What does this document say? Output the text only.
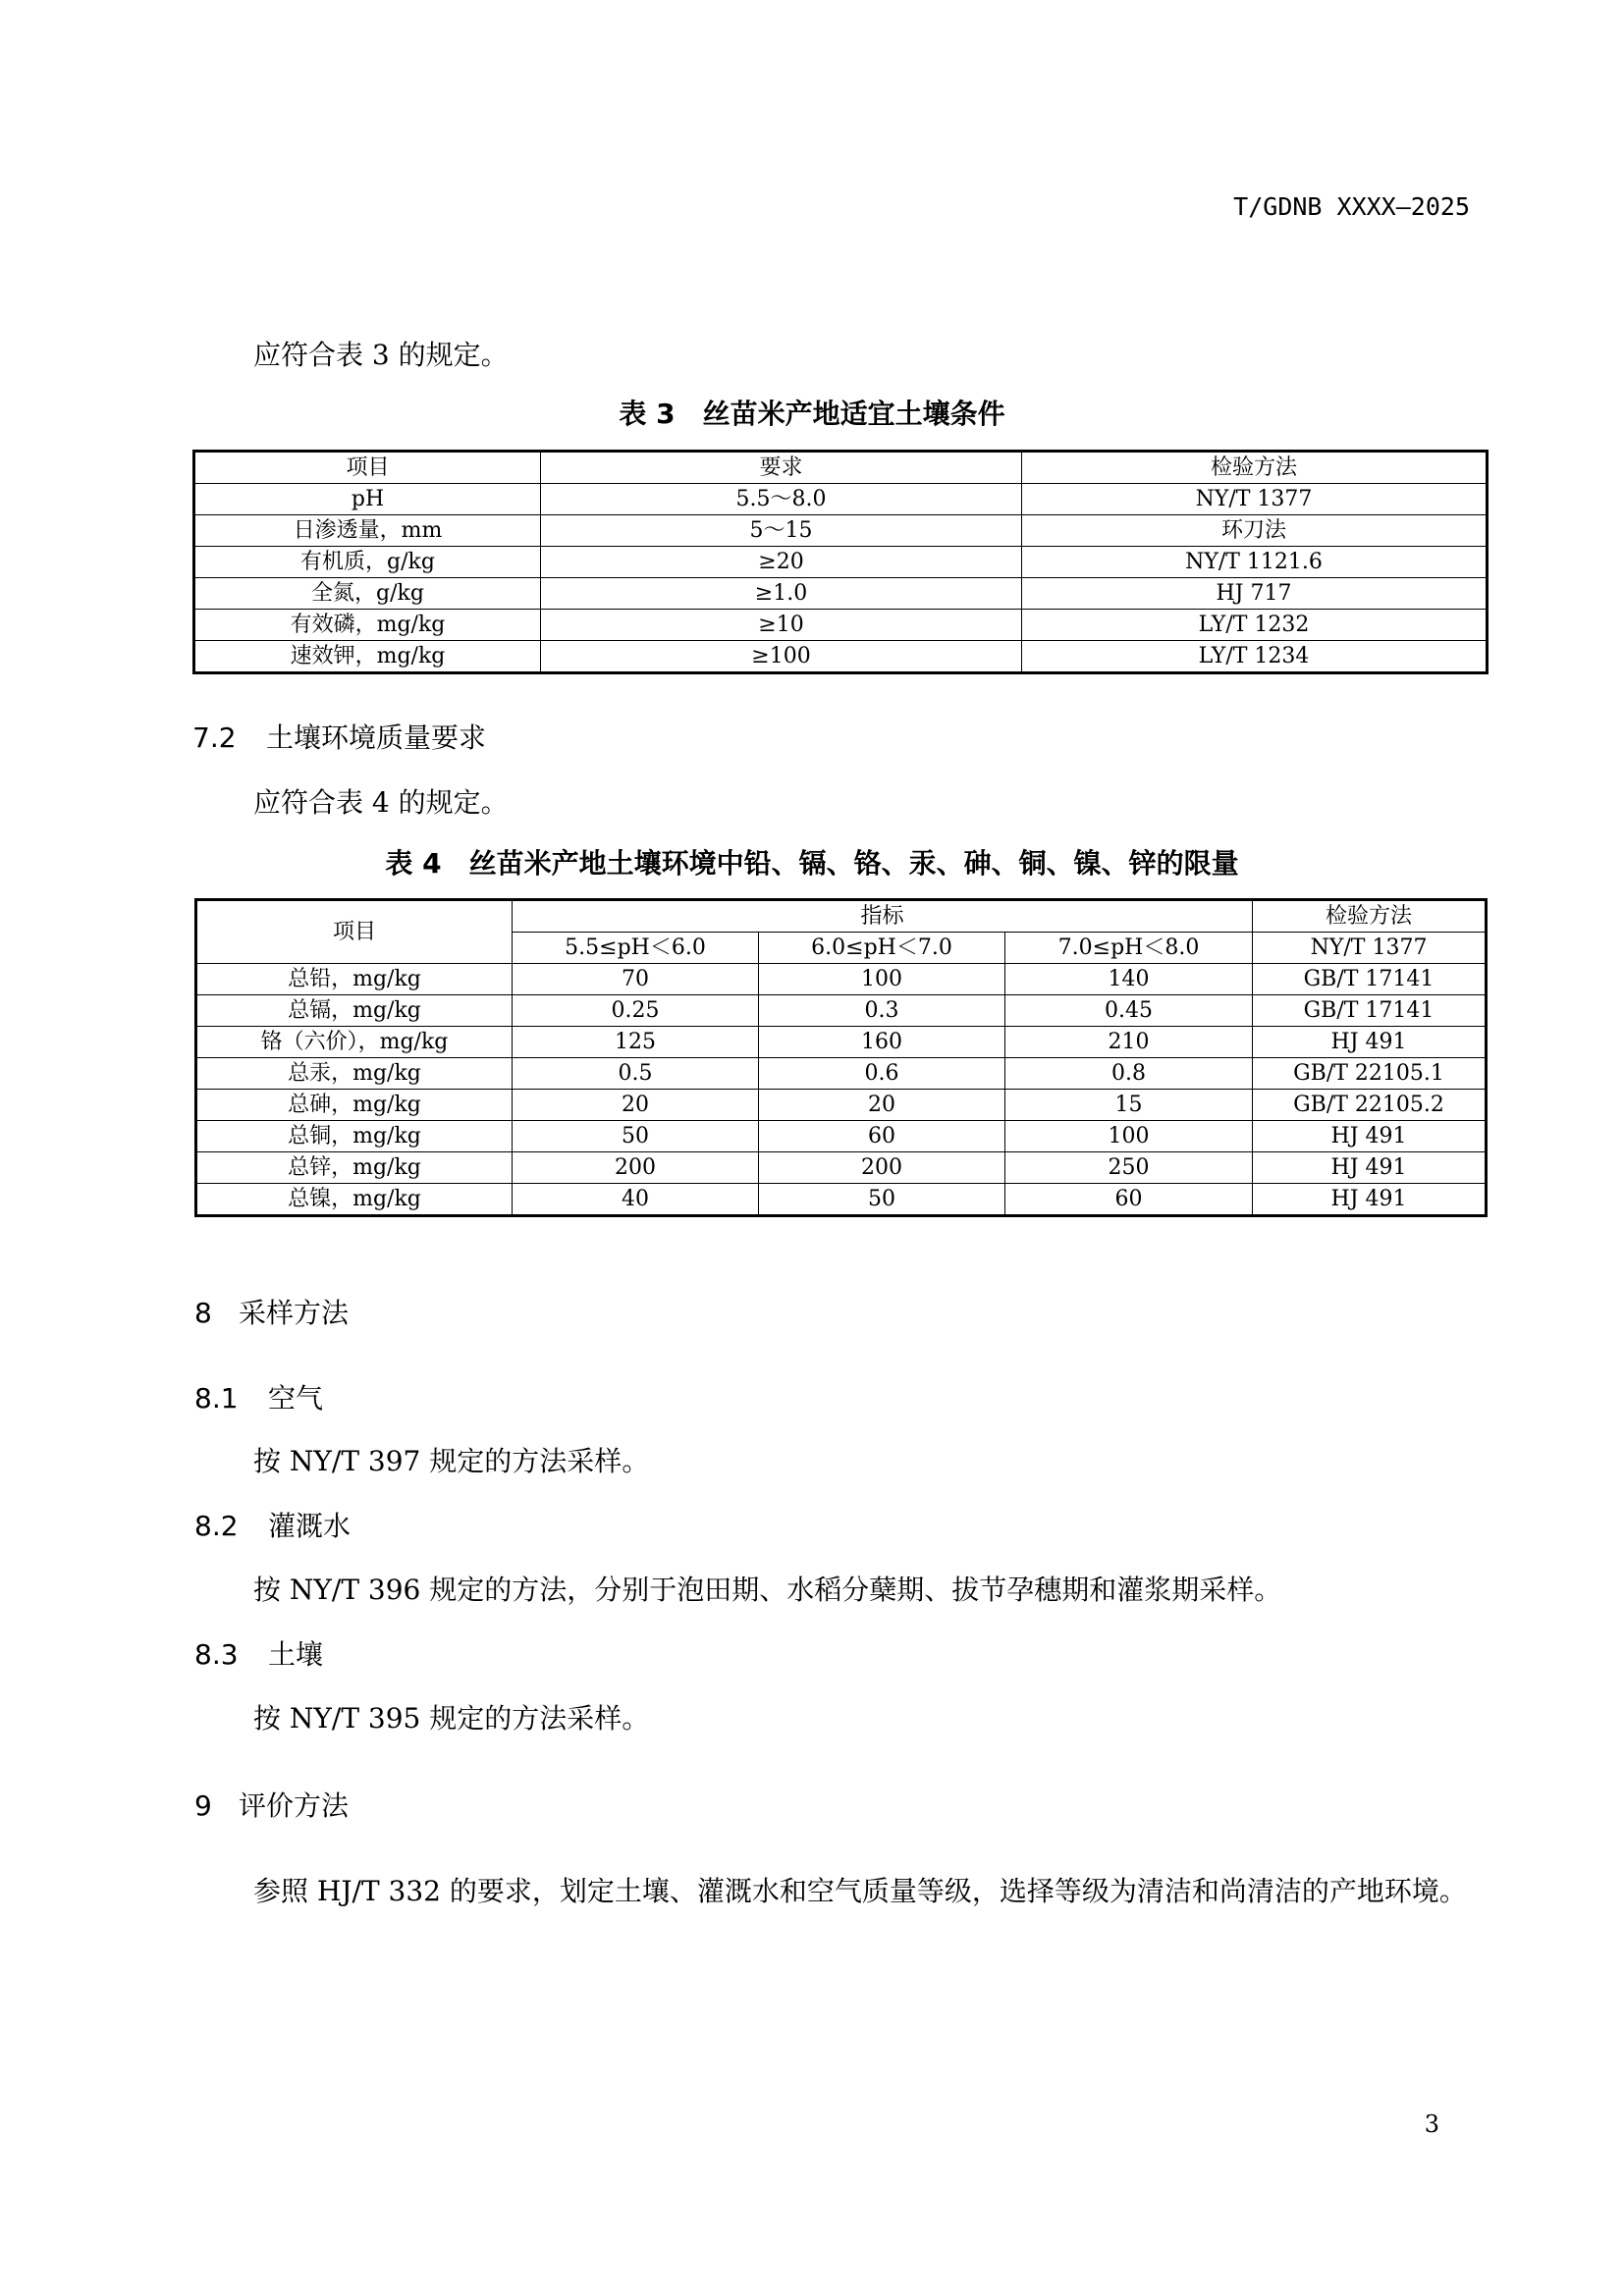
T/GDNB XXXX—2025
应符合表 3 的规定。
表 3　丝苗米产地适宜土壤条件
项目	要求	检验方法
pH	5.5～8.0	NY/T 1377
日渗透量，mm	5～15	环刀法
有机质，g/kg	≥20	NY/T 1121.6
全氮，g/kg	≥1.0	HJ 717
有效磷，mg/kg	≥10	LY/T 1232
速效钾，mg/kg	≥100	LY/T 1234
7.2 土壤环境质量要求
应符合表 4 的规定。
表 4　丝苗米产地土壤环境中铅、镉、铬、汞、砷、铜、镍、锌的限量
项目	指标			检验方法
	5.5≤pH＜6.0	6.0≤pH＜7.0	7.0≤pH＜8.0	NY/T 1377
总铅，mg/kg	70	100	140	GB/T 17141
总镉，mg/kg	0.25	0.3	0.45	GB/T 17141
铬（六价），mg/kg	125	160	210	HJ 491
总汞，mg/kg	0.5	0.6	0.8	GB/T 22105.1
总砷，mg/kg	20	20	15	GB/T 22105.2
总铜，mg/kg	50	60	100	HJ 491
总锌，mg/kg	200	200	250	HJ 491
总镍，mg/kg	40	50	60	HJ 491
8 采样方法
8.1 空气
按 NY/T 397 规定的方法采样。
8.2 灌溉水
按 NY/T 396 规定的方法，分别于泡田期、水稻分蘖期、拔节孕穗期和灌浆期采样。
8.3 土壤
按 NY/T 395 规定的方法采样。
9 评价方法
参照 HJ/T 332 的要求，划定土壤、灌溉水和空气质量等级，选择等级为清洁和尚清洁的产地环境。
3
